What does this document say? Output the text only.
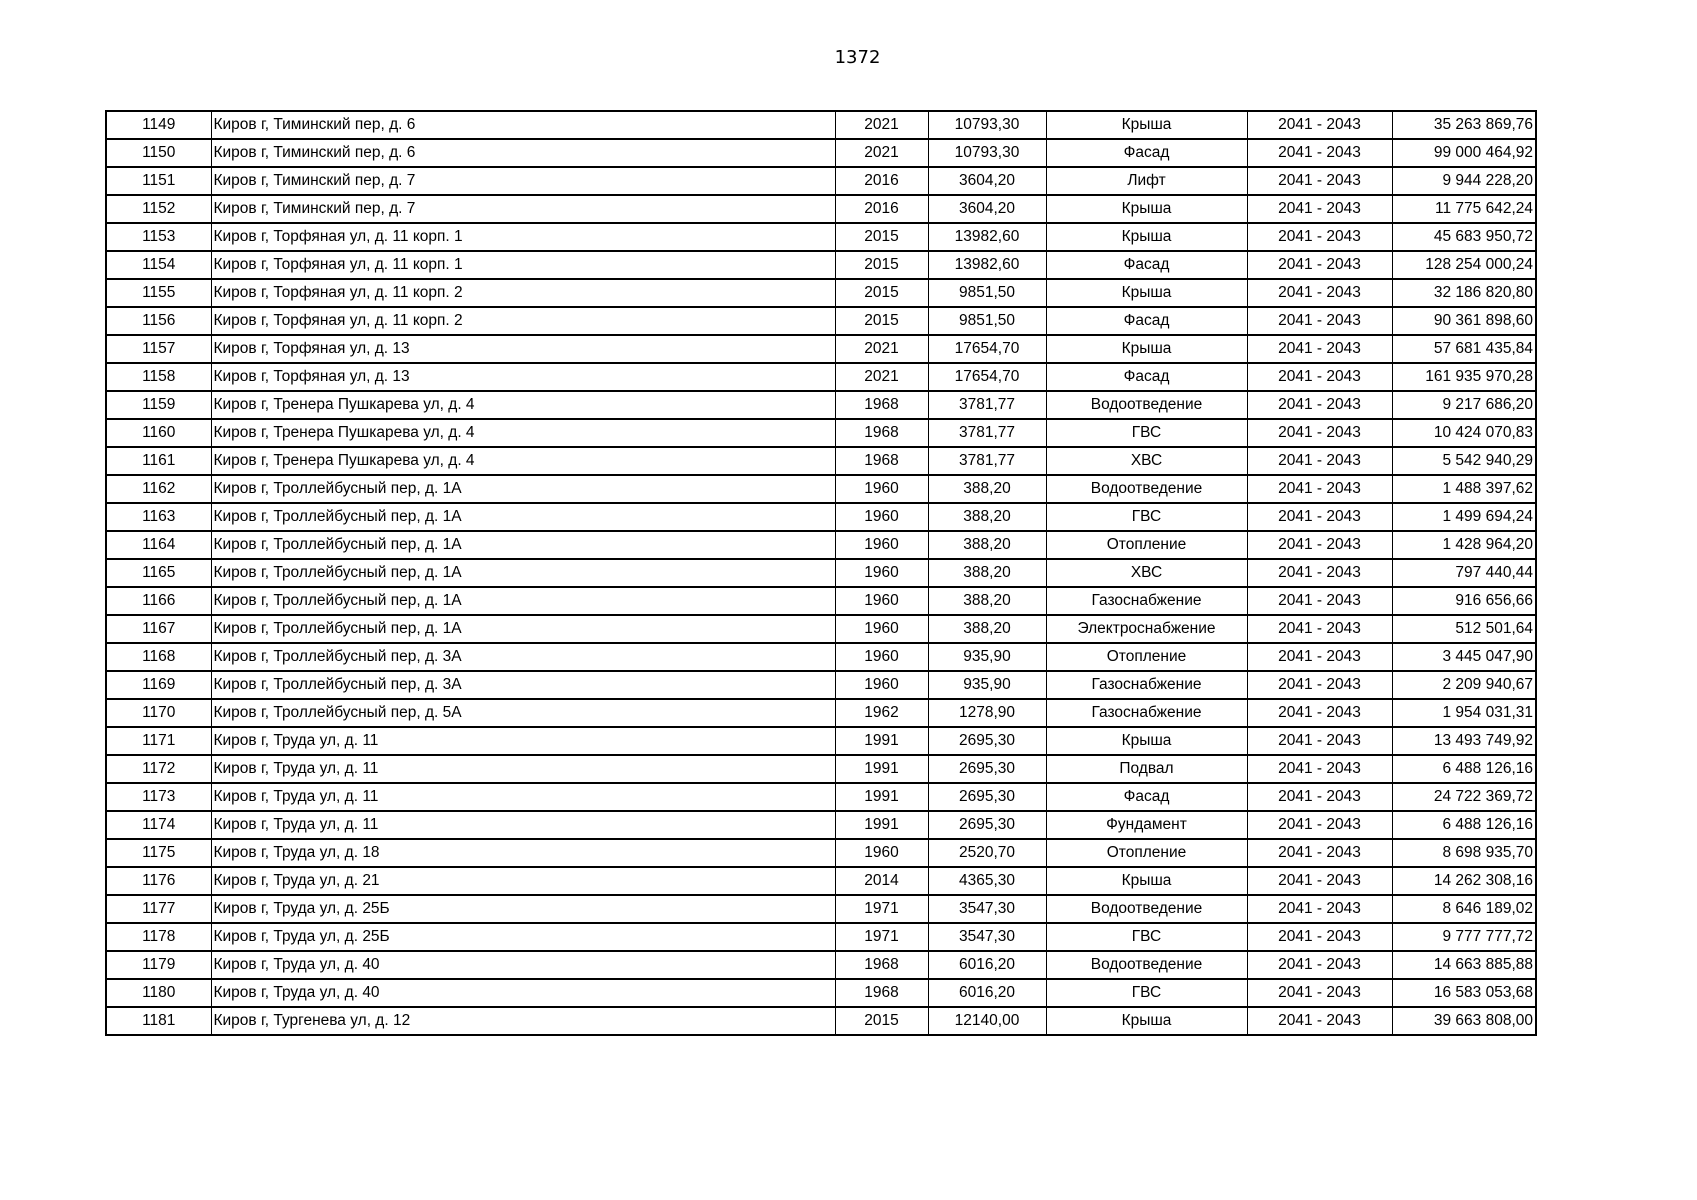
1372
1149	Киров г, Тиминский пер, д. 6	2021	10793,30	Крыша	2041 - 2043	35 263 869,76
1150	Киров г, Тиминский пер, д. 6	2021	10793,30	Фасад	2041 - 2043	99 000 464,92
1151	Киров г, Тиминский пер, д. 7	2016	3604,20	Лифт	2041 - 2043	9 944 228,20
1152	Киров г, Тиминский пер, д. 7	2016	3604,20	Крыша	2041 - 2043	11 775 642,24
1153	Киров г, Торфяная ул, д. 11 корп. 1	2015	13982,60	Крыша	2041 - 2043	45 683 950,72
1154	Киров г, Торфяная ул, д. 11 корп. 1	2015	13982,60	Фасад	2041 - 2043	128 254 000,24
1155	Киров г, Торфяная ул, д. 11 корп. 2	2015	9851,50	Крыша	2041 - 2043	32 186 820,80
1156	Киров г, Торфяная ул, д. 11 корп. 2	2015	9851,50	Фасад	2041 - 2043	90 361 898,60
1157	Киров г, Торфяная ул, д. 13	2021	17654,70	Крыша	2041 - 2043	57 681 435,84
1158	Киров г, Торфяная ул, д. 13	2021	17654,70	Фасад	2041 - 2043	161 935 970,28
1159	Киров г, Тренера Пушкарева ул, д. 4	1968	3781,77	Водоотведение	2041 - 2043	9 217 686,20
1160	Киров г, Тренера Пушкарева ул, д. 4	1968	3781,77	ГВС	2041 - 2043	10 424 070,83
1161	Киров г, Тренера Пушкарева ул, д. 4	1968	3781,77	ХВС	2041 - 2043	5 542 940,29
1162	Киров г, Троллейбусный пер, д. 1А	1960	388,20	Водоотведение	2041 - 2043	1 488 397,62
1163	Киров г, Троллейбусный пер, д. 1А	1960	388,20	ГВС	2041 - 2043	1 499 694,24
1164	Киров г, Троллейбусный пер, д. 1А	1960	388,20	Отопление	2041 - 2043	1 428 964,20
1165	Киров г, Троллейбусный пер, д. 1А	1960	388,20	ХВС	2041 - 2043	797 440,44
1166	Киров г, Троллейбусный пер, д. 1А	1960	388,20	Газоснабжение	2041 - 2043	916 656,66
1167	Киров г, Троллейбусный пер, д. 1А	1960	388,20	Электроснабжение	2041 - 2043	512 501,64
1168	Киров г, Троллейбусный пер, д. 3А	1960	935,90	Отопление	2041 - 2043	3 445 047,90
1169	Киров г, Троллейбусный пер, д. 3А	1960	935,90	Газоснабжение	2041 - 2043	2 209 940,67
1170	Киров г, Троллейбусный пер, д. 5А	1962	1278,90	Газоснабжение	2041 - 2043	1 954 031,31
1171	Киров г, Труда ул, д. 11	1991	2695,30	Крыша	2041 - 2043	13 493 749,92
1172	Киров г, Труда ул, д. 11	1991	2695,30	Подвал	2041 - 2043	6 488 126,16
1173	Киров г, Труда ул, д. 11	1991	2695,30	Фасад	2041 - 2043	24 722 369,72
1174	Киров г, Труда ул, д. 11	1991	2695,30	Фундамент	2041 - 2043	6 488 126,16
1175	Киров г, Труда ул, д. 18	1960	2520,70	Отопление	2041 - 2043	8 698 935,70
1176	Киров г, Труда ул, д. 21	2014	4365,30	Крыша	2041 - 2043	14 262 308,16
1177	Киров г, Труда ул, д. 25Б	1971	3547,30	Водоотведение	2041 - 2043	8 646 189,02
1178	Киров г, Труда ул, д. 25Б	1971	3547,30	ГВС	2041 - 2043	9 777 777,72
1179	Киров г, Труда ул, д. 40	1968	6016,20	Водоотведение	2041 - 2043	14 663 885,88
1180	Киров г, Труда ул, д. 40	1968	6016,20	ГВС	2041 - 2043	16 583 053,68
1181	Киров г, Тургенева ул, д. 12	2015	12140,00	Крыша	2041 - 2043	39 663 808,00
